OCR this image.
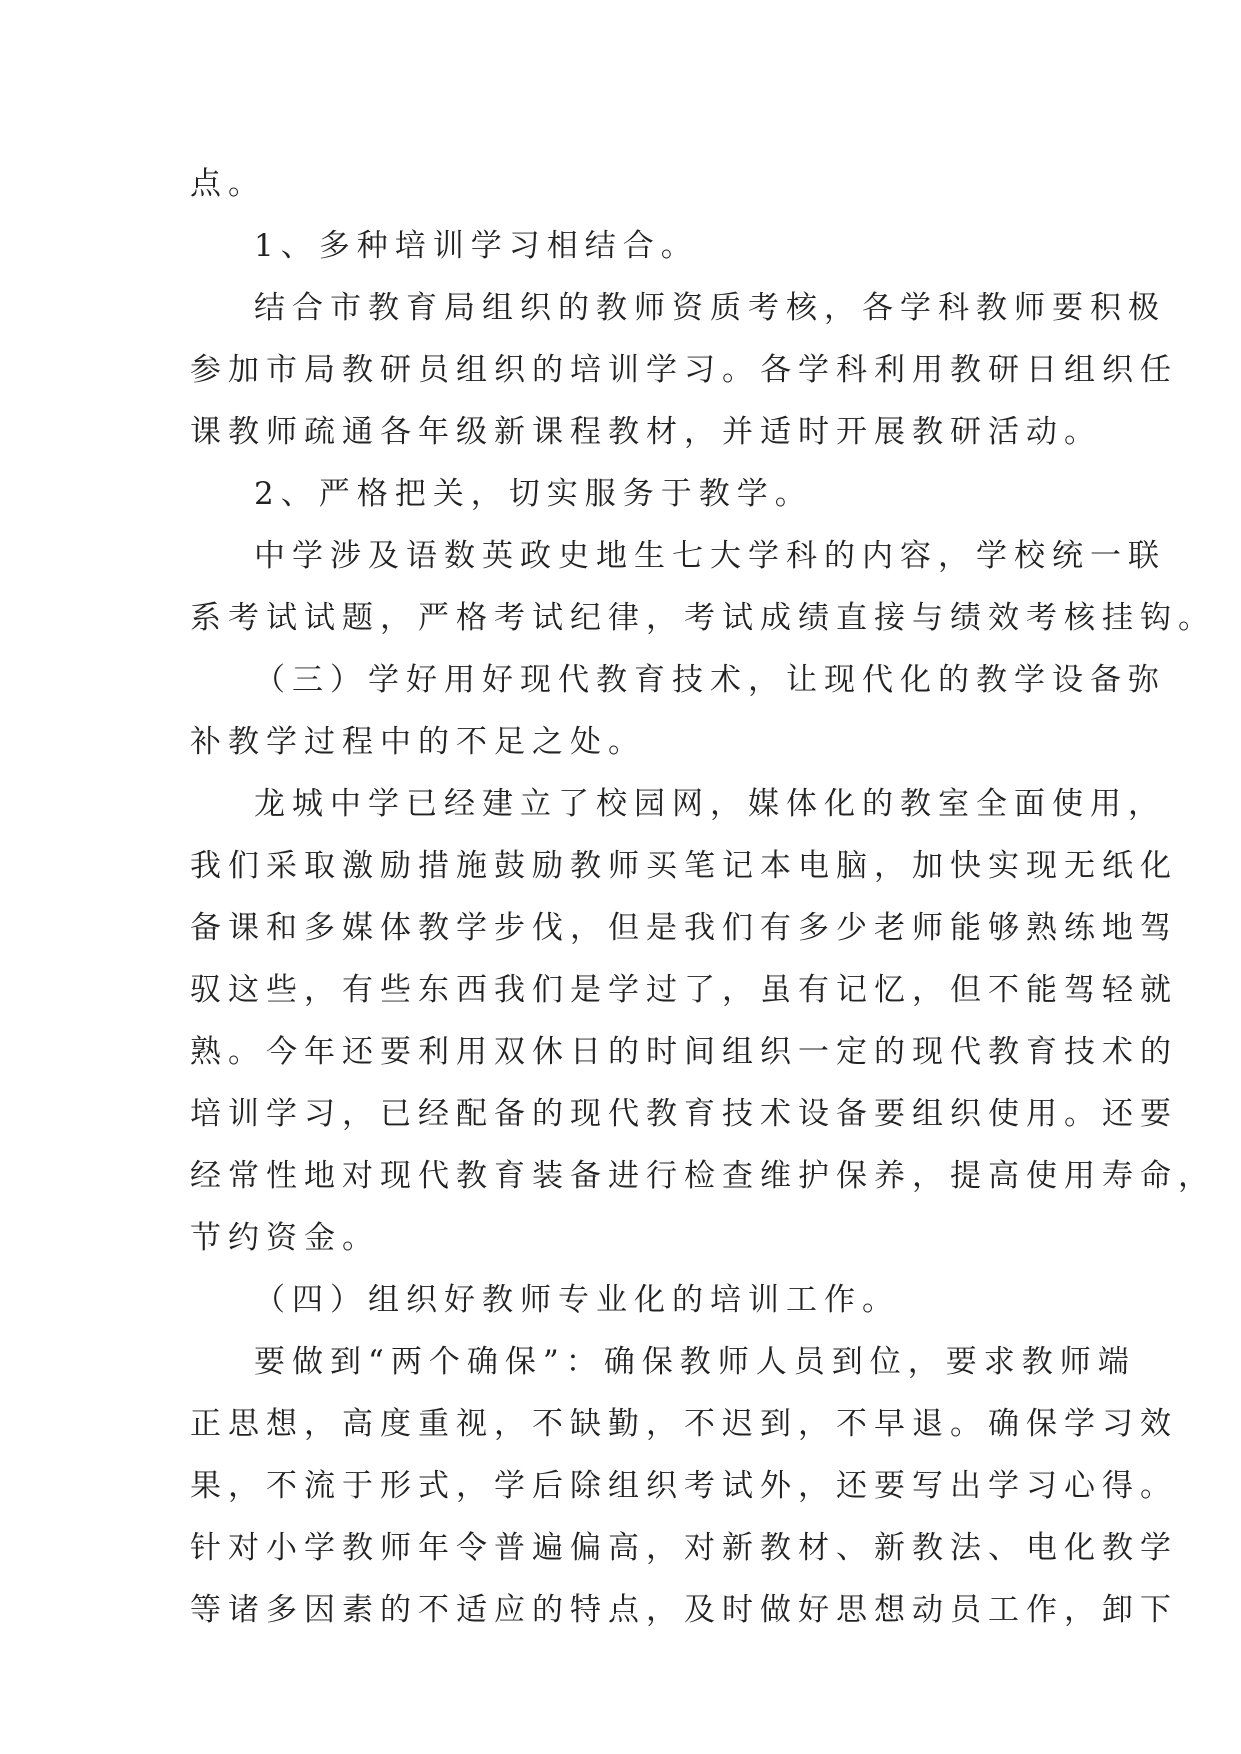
点。
1、多种培训学习相结合。
结合市教育局组织的教师资质考核，各学科教师要积极
参加市局教研员组织的培训学习。各学科利用教研日组织任
课教师疏通各年级新课程教材，并适时开展教研活动。
2、严格把关，切实服务于教学。
中学涉及语数英政史地生七大学科的内容，学校统一联
系考试试题，严格考试纪律，考试成绩直接与绩效考核挂钩。
（三）学好用好现代教育技术，让现代化的教学设备弥
补教学过程中的不足之处。
龙城中学已经建立了校园网，媒体化的教室全面使用，
我们采取激励措施鼓励教师买笔记本电脑，加快实现无纸化
备课和多媒体教学步伐，但是我们有多少老师能够熟练地驾
驭这些，有些东西我们是学过了，虽有记忆，但不能驾轻就
熟。今年还要利用双休日的时间组织一定的现代教育技术的
培训学习，已经配备的现代教育技术设备要组织使用。还要
经常性地对现代教育装备进行检查维护保养，提高使用寿命，
节约资金。
（四）组织好教师专业化的培训工作。
要做到“两个确保”：确保教师人员到位，要求教师端
正思想，高度重视，不缺勤，不迟到，不早退。确保学习效
果，不流于形式，学后除组织考试外，还要写出学习心得。
针对小学教师年令普遍偏高，对新教材、新教法、电化教学
等诸多因素的不适应的特点，及时做好思想动员工作，卸下
